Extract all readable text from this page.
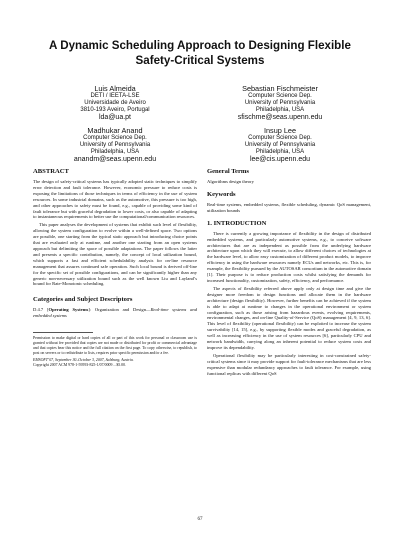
A Dynamic Scheduling Approach to Designing Flexible
Safety-Critical Systems
Luis Almeida
DETI / IEETA-LSE
Universidade de Aveiro
3810-193 Aveiro, Portugal
lda@ua.pt
Sebastian Fischmeister
Computer Science Dep.
University of Pennsylvania
Philadelphia, USA
sfischme@seas.upenn.edu
Madhukar Anand
Computer Science Dep.
University of Pennsylvania
Philadelphia, USA
anandm@seas.upenn.edu
Insup Lee
Computer Science Dep.
University of Pennsylvania
Philadelphia, USA
lee@cis.upenn.edu
ABSTRACT

The design of safety-critical systems has typically adopted static techniques to simplify error detection and fault tolerance. However, economic pressure to reduce costs is exposing the limitations of those techniques in terms of efficiency in the use of system resources. In some industrial domains, such as the automotive, this pressure is too high, and other approaches to safety must be found, e.g., capable of providing some kind of fault tolerance but with graceful degradation to lower costs, or also capable of adapting to instantaneous requirements to better use the computational/communication resources.

This paper analyses the development of systems that exhibit such level of flexibility, allowing the system configuration to evolve within a well-defined space. Two options are possible, one starting from the typical static approach but introducing choice points that are evaluated only at runtime, and another one starting from an open systems approach but delimiting the space of possible adaptations. The paper follows the latter and presents a specific contribution, namely, the concept of local utilization bound, which supports a fast and efficient schedulability analysis for on-line resource management that assures continued safe operation. Such local bound is derived off-line for the specific set of possible configurations, and can be significantly higher than any generic non-necessary utilization bound such as the well known Liu and Layland’s bound for Rate-Monotonic scheduling.

Categories and Subject Descriptors

D.4.7 [Operating Systems]: Organization and Design—Real-time systems and embedded systems

Permission to make digital or hard copies of all or part of this work for personal or classroom use is granted without fee provided that copies are not made or distributed for profit or commercial advantage and that copies bear this notice and the full citation on the first page. To copy otherwise, to republish, to post on servers or to redistribute to lists, requires prior specific permission and/or a fee.

EMSOFT’07, September 30–October 3, 2007, Salzburg, Austria.

Copyright 2007 ACM 978-1-59593-825-1/07/0009 ...$5.00.

General Terms

Algorithms design theory

Keywords

Real-time systems, embedded systems, flexible scheduling, dynamic QoS management, utilization bounds

1. INTRODUCTION

There is currently a growing importance of flexibility in the design of distributed embedded systems, and particularly automotive systems, e.g., to conceive software architectures that are as independent as possible from the underlying hardware architecture upon which they will execute, to allow different choices of technologies at the hardware level, to allow easy customization of different product models, to improve efficiency in using the hardware resources namely ECUs and networks, etc. This is, for example, the flexibility pursued by the AUTOSAR consortium in the automotive domain [1]. Their purpose is to reduce production costs whilst satisfying the demands for increased functionality, customization, safety, efficiency, and performance.

The aspects of flexibility referred above apply only at design time and give the designer more freedom to design functions and allocate them in the hardware architecture (design flexibility). However, further benefits can be achieved if the system is able to adapt at runtime to changes in the operational environment or system configuration, such as those arising from hazardous events, evolving requirements, environmental changes, and on-line Quality-of-Service (QoS) management [4, 9, 13, 6]. This level of flexibility (operational flexibility) can be exploited to increase the system survivability [14, 15], e.g., by supporting flexible modes and graceful degradation, as well as increasing efficiency in the use of system resources [6], particularly CPU and network bandwidth, carrying along an inherent potential to reduce system costs and improve its dependability.

Operational flexibility may be particularly interesting in cost-constrained safety-critical systems since it may provide support for fault-tolerance mechanisms that are less expensive than modular redundancy approaches to fault tolerance. For example, using functional replicas with different QoS

67
